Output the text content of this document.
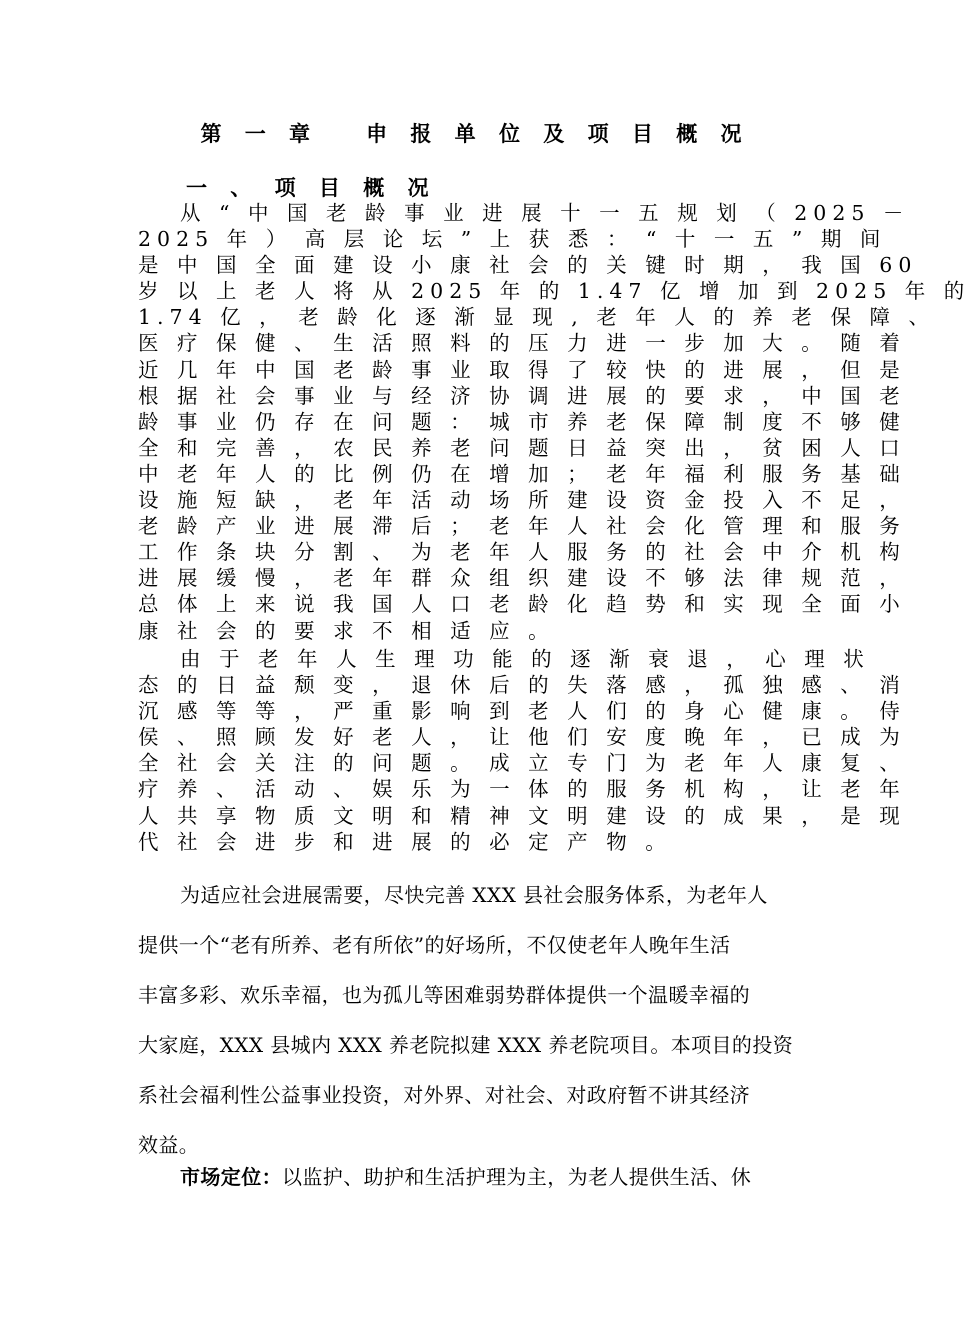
第 一 章 申 报 单 位 及 项 目 概 况
一 、 项 目 概 况
从 “ 中 国 老 龄 事 业 进 展 十 一 五 规 划 （ 2025 －
2025 年 ） 高 层 论 坛 ” 上 获 悉 ： “ 十 一 五 ” 期 间
是 中 国 全 面 建 设 小 康 社 会 的 关 键 时 期 ， 我 国 60
岁 以 上 老 人 将 从 2025 年 的 1.47 亿 增 加 到 2025 年 的
1.74 亿 ， 老 龄 化 逐 渐 显 现 , 老 年 人 的 养 老 保 障 、
医 疗 保 健 、 生 活 照 料 的 压 力 进 一 步 加 大 。 随 着
近 几 年 中 国 老 龄 事 业 取 得 了 较 快 的 进 展 ， 但 是
根 据 社 会 事 业 与 经 济 协 调 进 展 的 要 求 ， 中 国 老
龄 事 业 仍 存 在 问 题 ： 城 市 养 老 保 障 制 度 不 够 健
全 和 完 善 ， 农 民 养 老 问 题 日 益 突 出 ， 贫 困 人 口
中 老 年 人 的 比 例 仍 在 增 加 ； 老 年 福 利 服 务 基 础
设 施 短 缺 ， 老 年 活 动 场 所 建 设 资 金 投 入 不 足 ，
老 龄 产 业 进 展 滞 后 ； 老 年 人 社 会 化 管 理 和 服 务
工 作 条 块 分 割 、 为 老 年 人 服 务 的 社 会 中 介 机 构
进 展 缓 慢 ， 老 年 群 众 组 织 建 设 不 够 法 律 规 范 ，
总 体 上 来 说 我 国 人 口 老 龄 化 趋 势 和 实 现 全 面 小
康 社 会 的 要 求 不 相 适 应 。
由 于 老 年 人 生 理 功 能 的 逐 渐 衰 退 ， 心 理 状
态 的 日 益 颓 变 ， 退 休 后 的 失 落 感 ， 孤 独 感 、 消
沉 感 等 等 ， 严 重 影 响 到 老 人 们 的 身 心 健 康 。 侍
侯 、 照 顾 发 好 老 人 ， 让 他 们 安 度 晚 年 ， 已 成 为
全 社 会 关 注 的 问 题 。 成 立 专 门 为 老 年 人 康 复 、
疗 养 、 活 动 、 娱 乐 为 一 体 的 服 务 机 构 ， 让 老 年
人 共 享 物 质 文 明 和 精 神 文 明 建 设 的 成 果 ， 是 现
代 社 会 进 步 和 进 展 的 必 定 产 物 。
为适应社会进展需要，尽快完善 XXX 县社会服务体系，为老年人
提供一个“老有所养、老有所依”的好场所，不仅使老年人晚年生活
丰富多彩、欢乐幸福，也为孤儿等困难弱势群体提供一个温暖幸福的
大家庭，XXX 县城内 XXX 养老院拟建 XXX 养老院项目。本项目的投资
系社会福利性公益事业投资，对外界、对社会、对政府暂不讲其经济
效益。
市场定位：以监护、助护和生活护理为主，为老人提供生活、休
